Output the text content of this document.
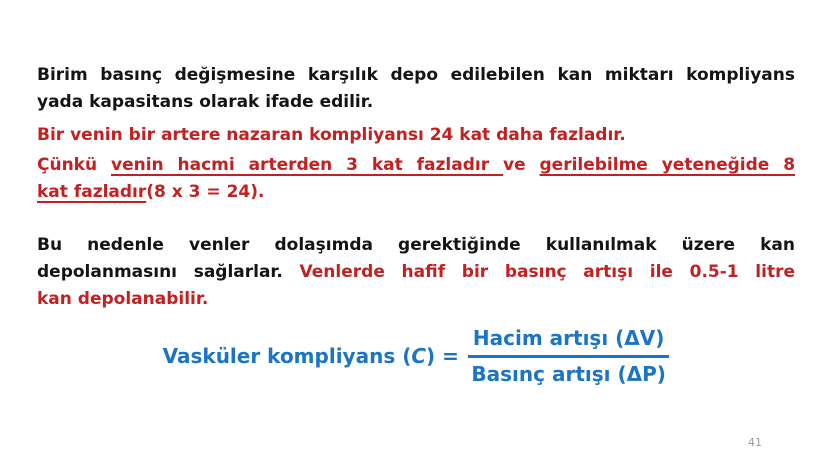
Birim basınç değişmesine karşılık depo edilebilen kan miktarı kompliyans
yada kapasitans olarak ifade edilir.
Bir venin bir artere nazaran kompliyansı 24 kat daha fazladır.
Çünkü venin hacmi arterden 3 kat fazladır ve gerilebilme yeteneğide 8
kat fazladır(8 x 3 = 24).
Bu nedenle venler dolaşımda gerektiğinde kullanılmak üzere kan
depolanmasını sağlarlar. Venlerde hafif bir basınç artışı ile 0.5-1 litre
kan depolanabilir.
Vasküler kompliyans $(C) = \frac{\text{Hacim artışı (ΔV)}}{\text{Basınç artışı (ΔP)}}$
41
